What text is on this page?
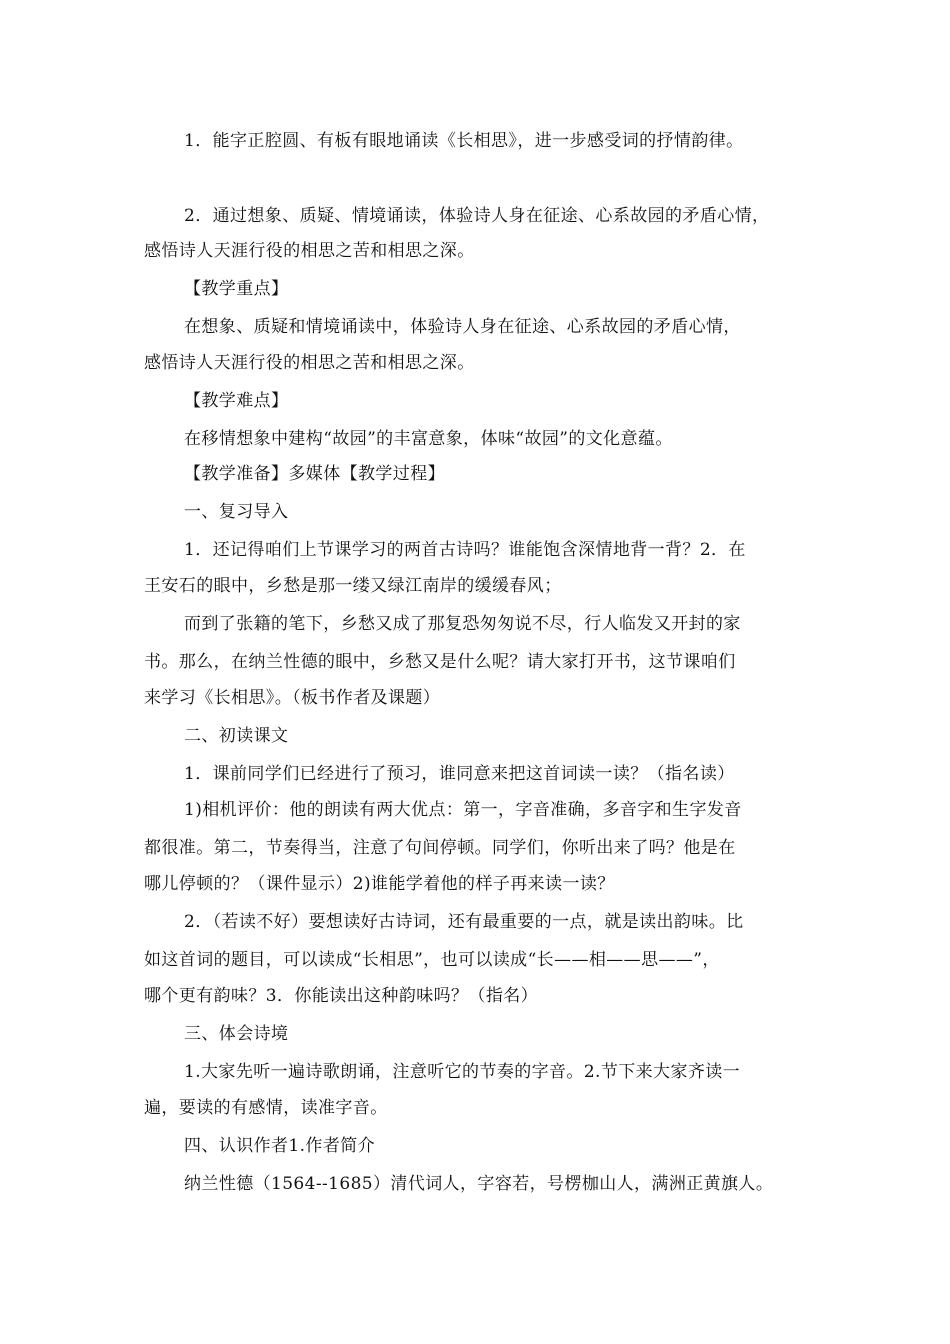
1．能字正腔圆、有板有眼地诵读《长相思》，进一步感受词的抒情韵律。
2．通过想象、质疑、情境诵读，体验诗人身在征途、心系故园的矛盾心情，
感悟诗人天涯行役的相思之苦和相思之深。
【教学重点】
在想象、质疑和情境诵读中，体验诗人身在征途、心系故园的矛盾心情，
感悟诗人天涯行役的相思之苦和相思之深。
【教学难点】
在移情想象中建构“故园”的丰富意象，体味“故园”的文化意蕴。
【教学准备】多媒体【教学过程】
一、复习导入
1．还记得咱们上节课学习的两首古诗吗？谁能饱含深情地背一背？2．在
王安石的眼中，乡愁是那一缕又绿江南岸的缓缓春风；
而到了张籍的笔下，乡愁又成了那复恐匆匆说不尽，行人临发又开封的家
书。那么，在纳兰性德的眼中，乡愁又是什么呢？请大家打开书，这节课咱们
来学习《长相思》。（板书作者及课题）
二、初读课文
1．课前同学们已经进行了预习，谁同意来把这首词读一读？（指名读）
1)相机评价：他的朗读有两大优点：第一，字音准确，多音字和生字发音
都很准。第二，节奏得当，注意了句间停顿。同学们，你听出来了吗？他是在
哪儿停顿的？（课件显示）2)谁能学着他的样子再来读一读？
2．（若读不好）要想读好古诗词，还有最重要的一点，就是读出韵味。比
如这首词的题目，可以读成“长相思”，也可以读成“长——相——思——”，
哪个更有韵味？3．你能读出这种韵味吗？（指名）
三、体会诗境
1.大家先听一遍诗歌朗诵，注意听它的节奏的字音。2.节下来大家齐读一
遍，要读的有感情，读准字音。
四、认识作者1.作者简介
纳兰性德（1564--1685）清代词人，字容若，号楞枷山人，满洲正黄旗人。
